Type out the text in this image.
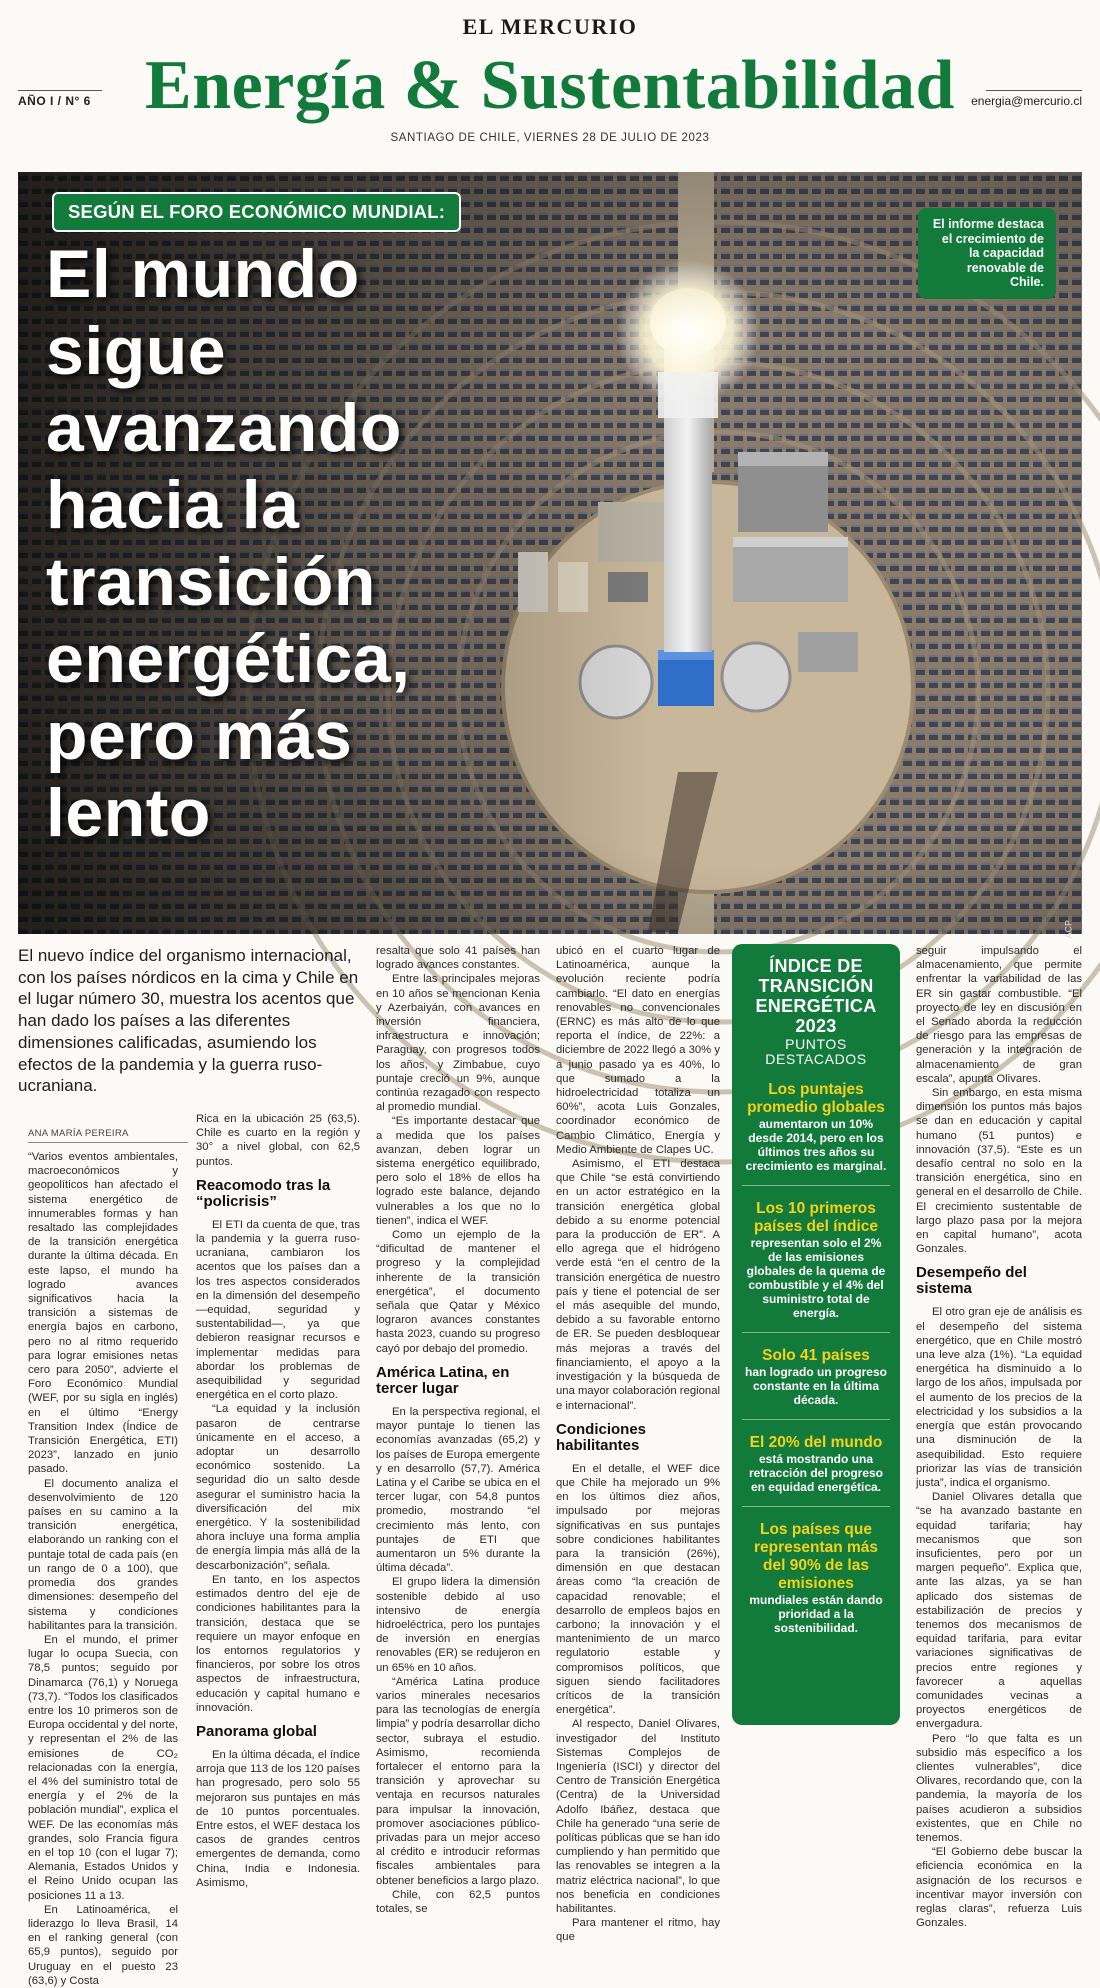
EL MERCURIO
AÑO I / N° 6 Energía & Sustentabilidad	energia@mercurio.cl
SANTIAGO DE CHILE, VIERNES 28 DE JULIO DE 2023
SEGÚN EL FORO ECONÓMICO MUNDIAL:
El mundo sigue avanzando hacia la transición energética, pero más lento
El informe destaca el crecimiento de la capacidad renovable de Chile.
ACP

El nuevo índice del organismo internacional, con los países nórdicos en la cima y Chile en el lugar número 30, muestra los acentos que han dado los países a las diferentes dimensiones calificadas, asumiendo los efectos de la pandemia y la guerra ruso-ucraniana.

ANA MARÍA PEREIRA

“Varios eventos ambientales, macroeconómicos y geopolíticos han afectado el sistema energético de innumerables formas y han resaltado las complejidades de la transición energética durante la última década. En este lapso, el mundo ha logrado avances significativos hacia la transición a sistemas de energía bajos en carbono, pero no al ritmo requerido para lograr emisiones netas cero para 2050”, advierte el Foro Económico Mundial (WEF, por su sigla en inglés) en el último “Energy Transition Index (Índice de Transición Energética, ETI) 2023”, lanzado en junio pasado.

El documento analiza el desenvolvimiento de 120 países en su camino a la transición energética, elaborando un ranking con el puntaje total de cada país (en un rango de 0 a 100), que promedia dos grandes dimensiones: desempeño del sistema y condiciones habilitantes para la transición.

En el mundo, el primer lugar lo ocupa Suecia, con 78,5 puntos; seguido por Dinamarca (76,1) y Noruega (73,7). “Todos los clasificados entre los 10 primeros son de Europa occidental y del norte, y representan el 2% de las emisiones de CO₂ relacionadas con la energía, el 4% del suministro total de energía y el 2% de la población mundial”, explica el WEF. De las economías más grandes, solo Francia figura en el top 10 (con el lugar 7); Alemania, Estados Unidos y el Reino Unido ocupan las posiciones 11 a 13.

En Latinoamérica, el liderazgo lo lleva Brasil, 14 en el ranking general (con 65,9 puntos), seguido por Uruguay en el puesto 23 (63,6) y Costa

Rica en la ubicación 25 (63,5). Chile es cuarto en la región y 30° a nivel global, con 62,5 puntos.

Reacomodo tras la “policrisis”

El ETI da cuenta de que, tras la pandemia y la guerra ruso-ucraniana, cambiaron los acentos que los países dan a los tres aspectos considerados en la dimensión del desempeño —equidad, seguridad y sustentabilidad—, ya que debieron reasignar recursos e implementar medidas para abordar los problemas de asequibilidad y seguridad energética en el corto plazo.

“La equidad y la inclusión pasaron de centrarse únicamente en el acceso, a adoptar un desarrollo económico sostenido. La seguridad dio un salto desde asegurar el suministro hacia la diversificación del mix energético. Y la sostenibilidad ahora incluye una forma amplia de energía limpia más allá de la descarbonización”, señala.

En tanto, en los aspectos estimados dentro del eje de condiciones habilitantes para la transición, destaca que se requiere un mayor enfoque en los entornos regulatorios y financieros, por sobre los otros aspectos de infraestructura, educación y capital humano e innovación.

Panorama global

En la última década, el índice arroja que 113 de los 120 países han progresado, pero solo 55 mejoraron sus puntajes en más de 10 puntos porcentuales. Entre estos, el WEF destaca los casos de grandes centros emergentes de demanda, como China, India e Indonesia. Asimismo,

resalta que solo 41 países han logrado avances constantes.

Entre las principales mejoras en 10 años se mencionan Kenia y Azerbaiyán, con avances en inversión financiera, infraestructura e innovación; Paraguay, con progresos todos los años, y Zimbabue, cuyo puntaje creció un 9%, aunque continúa rezagado con respecto al promedio mundial.

“Es importante destacar que a medida que los países avanzan, deben lograr un sistema energético equilibrado, pero solo el 18% de ellos ha logrado este balance, dejando vulnerables a los que no lo tienen”, indica el WEF.

Como un ejemplo de la “dificultad de mantener el progreso y la complejidad inherente de la transición energética”, el documento señala que Qatar y México lograron avances constantes hasta 2023, cuando su progreso cayó por debajo del promedio.

América Latina, en tercer lugar

En la perspectiva regional, el mayor puntaje lo tienen las economías avanzadas (65,2) y los países de Europa emergente y en desarrollo (57,7). América Latina y el Caribe se ubica en el tercer lugar, con 54,8 puntos promedio, mostrando “el crecimiento más lento, con puntajes de ETI que aumentaron un 5% durante la última década”.

El grupo lidera la dimensión sostenible debido al uso intensivo de energía hidroeléctrica, pero los puntajes de inversión en energías renovables (ER) se redujeron en un 65% en 10 años.

“América Latina produce varios minerales necesarios para las tecnologías de energía limpia” y podría desarrollar dicho sector, subraya el estudio. Asimismo, recomienda fortalecer el entorno para la transición y aprovechar su ventaja en recursos naturales para impulsar la innovación, promover asociaciones público-privadas para un mejor acceso al crédito e introducir reformas fiscales ambientales para obtener beneficios a largo plazo.

Chile, con 62,5 puntos totales, se

ubicó en el cuarto lugar de Latinoamérica, aunque la evolución reciente podría cambiarlo. “El dato en energías renovables no convencionales (ERNC) es más alto de lo que reporta el índice, de 22%: a diciembre de 2022 llegó a 30% y a junio pasado ya es 40%, lo que sumado a la hidroelectricidad totaliza un 60%”, acota Luis Gonzales, coordinador económico de Cambio Climático, Energía y Medio Ambiente de Clapes UC.

Asimismo, el ETI destaca que Chile “se está convirtiendo en un actor estratégico en la transición energética global debido a su enorme potencial para la producción de ER”. A ello agrega que el hidrógeno verde está “en el centro de la transición energética de nuestro país y tiene el potencial de ser el más asequible del mundo, debido a su favorable entorno de ER. Se pueden desbloquear más mejoras a través del financiamiento, el apoyo a la investigación y la búsqueda de una mayor colaboración regional e internacional”.

Condiciones habilitantes

En el detalle, el WEF dice que Chile ha mejorado un 9% en los últimos diez años, impulsado por mejoras significativas en sus puntajes sobre condiciones habilitantes para la transición (26%), dimensión en que destacan áreas como “la creación de capacidad renovable; el desarrollo de empleos bajos en carbono; la innovación y el mantenimiento de un marco regulatorio estable y compromisos políticos, que siguen siendo facilitadores críticos de la transición energética”.

Al respecto, Daniel Olivares, investigador del Instituto Sistemas Complejos de Ingeniería (ISCI) y director del Centro de Transición Energética (Centra) de la Universidad Adolfo Ibáñez, destaca que Chile ha generado “una serie de políticas públicas que se han ido cumpliendo y han permitido que las renovables se integren a la matriz eléctrica nacional”, lo que nos beneficia en condiciones habilitantes.

Para mantener el ritmo, hay que

ÍNDICE DE TRANSICIÓN ENERGÉTICA 2023
PUNTOS DESTACADOS
Los puntajes promedio globales
aumentaron un 10% desde 2014, pero en los últimos tres años su crecimiento es marginal.
Los 10 primeros países del índice
representan solo el 2% de las emisiones globales de la quema de combustible y el 4% del suministro total de energía.
Solo 41 países
han logrado un progreso constante en la última década.
El 20% del mundo
está mostrando una retracción del progreso en equidad energética.
Los países que representan más del 90% de las emisiones
mundiales están dando prioridad a la sostenibilidad.

seguir impulsando el almacenamiento, que permite enfrentar la variabilidad de las ER sin gastar combustible. “El proyecto de ley en discusión en el Senado aborda la reducción de riesgo para las empresas de generación y la integración de almacenamiento de gran escala”, apunta Olivares.

Sin embargo, en esta misma dimensión los puntos más bajos se dan en educación y capital humano (51 puntos) e innovación (37,5). “Este es un desafío central no solo en la transición energética, sino en general en el desarrollo de Chile. El crecimiento sustentable de largo plazo pasa por la mejora en capital humano”, acota Gonzales.

Desempeño del sistema

El otro gran eje de análisis es el desempeño del sistema energético, que en Chile mostró una leve alza (1%). “La equidad energética ha disminuido a lo largo de los años, impulsada por el aumento de los precios de la electricidad y los subsidios a la energía que están provocando una disminución de la asequibilidad. Esto requiere priorizar las vías de transición justa”, indica el organismo.

Daniel Olivares detalla que “se ha avanzado bastante en equidad tarifaria; hay mecanismos que son insuficientes, pero por un margen pequeño”. Explica que, ante las alzas, ya se han aplicado dos sistemas de estabilización de precios y tenemos dos mecanismos de equidad tarifaria, para evitar variaciones significativas de precios entre regiones y favorecer a aquellas comunidades vecinas a proyectos energéticos de envergadura.

Pero “lo que falta es un subsidio más específico a los clientes vulnerables”, dice Olivares, recordando que, con la pandemia, la mayoría de los países acudieron a subsidios existentes, que en Chile no tenemos.

“El Gobierno debe buscar la eficiencia económica en la asignación de los recursos e incentivar mayor inversión con reglas claras”, refuerza Luis Gonzales.
